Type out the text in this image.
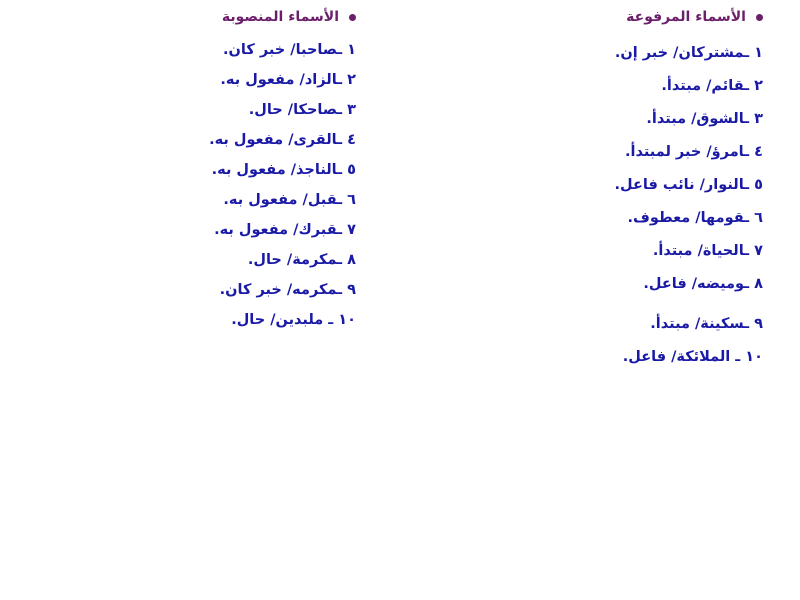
الأسماء المرفوعة
١ ـمشتركان/ خبر إن.
٢ ـقائم/ مبتدأ.
٣ ـالشوق/ مبتدأ.
٤ ـامرؤ/ خبر لمبتدأ.
٥ ـالنوار/ نائب فاعل.
٦ ـقومها/ معطوف.
٧ ـالحياة/ مبتدأ.
٨ ـوميضه/ فاعل.
٩ ـسكينة/ مبتدأ.
١٠ ـ الملائكة/ فاعل.
الأسماء المنصوبة
١ ـصاحبا/ خبر كان.
٢ ـالزاد/ مفعول به.
٣ ـصاحكا/ حال.
٤ ـالقرى/ مفعول به.
٥ ـالناجذ/ مفعول به.
٦ ـقبل/ مفعول به.
٧ ـقبرك/ مفعول به.
٨ ـمكرمة/ حال.
٩ ـمكرمه/ خبر كان.
١٠ ـ ملبدين/ حال.
